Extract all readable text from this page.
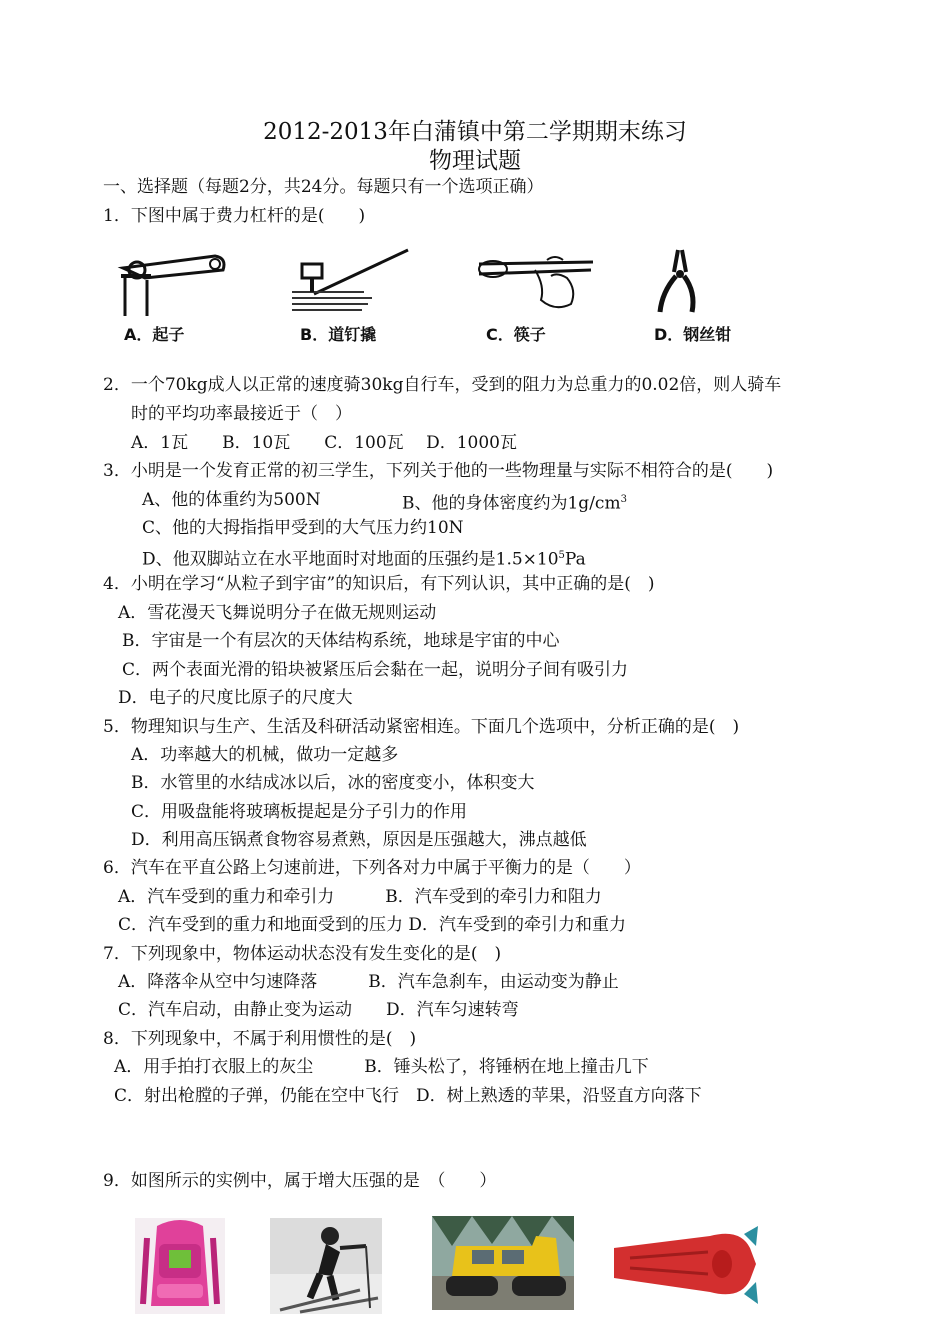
2012-2013年白蒲镇中第二学期期末练习
物理试题
一、选择题（每题2分，共24分。每题只有一个选项正确）
1．下图中属于费力杠杆的是(　　)
A．起子	B．道钉撬	C．筷子	D．钢丝钳
2．一个70kg成人以正常的速度骑30kg自行车，受到的阻力为总重力的0.02倍，则人骑车
时的平均功率最接近于（　）
A．1瓦　　B．10瓦　　C．100瓦　 D．1000瓦
3．小明是一个发育正常的初三学生，下列关于他的一些物理量与实际不相符合的是(　　)
A、他的体重约为500N	B、他的身体密度约为$1g/cm^3$
C、他的大拇指指甲受到的大气压力约10N
D、他双脚站立在水平地面时对地面的压强约是$1.5\times 10^5Pa$
4．小明在学习“从粒子到宇宙”的知识后，有下列认识，其中正确的是(　)
A．雪花漫天飞舞说明分子在做无规则运动
B．宇宙是一个有层次的天体结构系统，地球是宇宙的中心
C．两个表面光滑的铅块被紧压后会黏在一起，说明分子间有吸引力
D．电子的尺度比原子的尺度大
5．物理知识与生产、生活及科研活动紧密相连。下面几个选项中，分析正确的是(　)
A．功率越大的机械，做功一定越多
B．水管里的水结成冰以后，冰的密度变小，体积变大
C．用吸盘能将玻璃板提起是分子引力的作用
D．利用高压锅煮食物容易煮熟，原因是压强越大，沸点越低
6．汽车在平直公路上匀速前进，下列各对力中属于平衡力的是（　　）
A．汽车受到的重力和牵引力　　　B．汽车受到的牵引力和阻力
C．汽车受到的重力和地面受到的压力 D．汽车受到的牵引力和重力
7．下列现象中，物体运动状态没有发生变化的是(　)
A．降落伞从空中匀速降落　　　B．汽车急刹车，由运动变为静止
C．汽车启动，由静止变为运动　　D．汽车匀速转弯
8．下列现象中，不属于利用惯性的是(　)
A．用手拍打衣服上的灰尘　　　B．锤头松了，将锤柄在地上撞击几下
C．射出枪膛的子弹，仍能在空中飞行　D．树上熟透的苹果，沿竖直方向落下
9．如图所示的实例中，属于增大压强的是　（　　）
